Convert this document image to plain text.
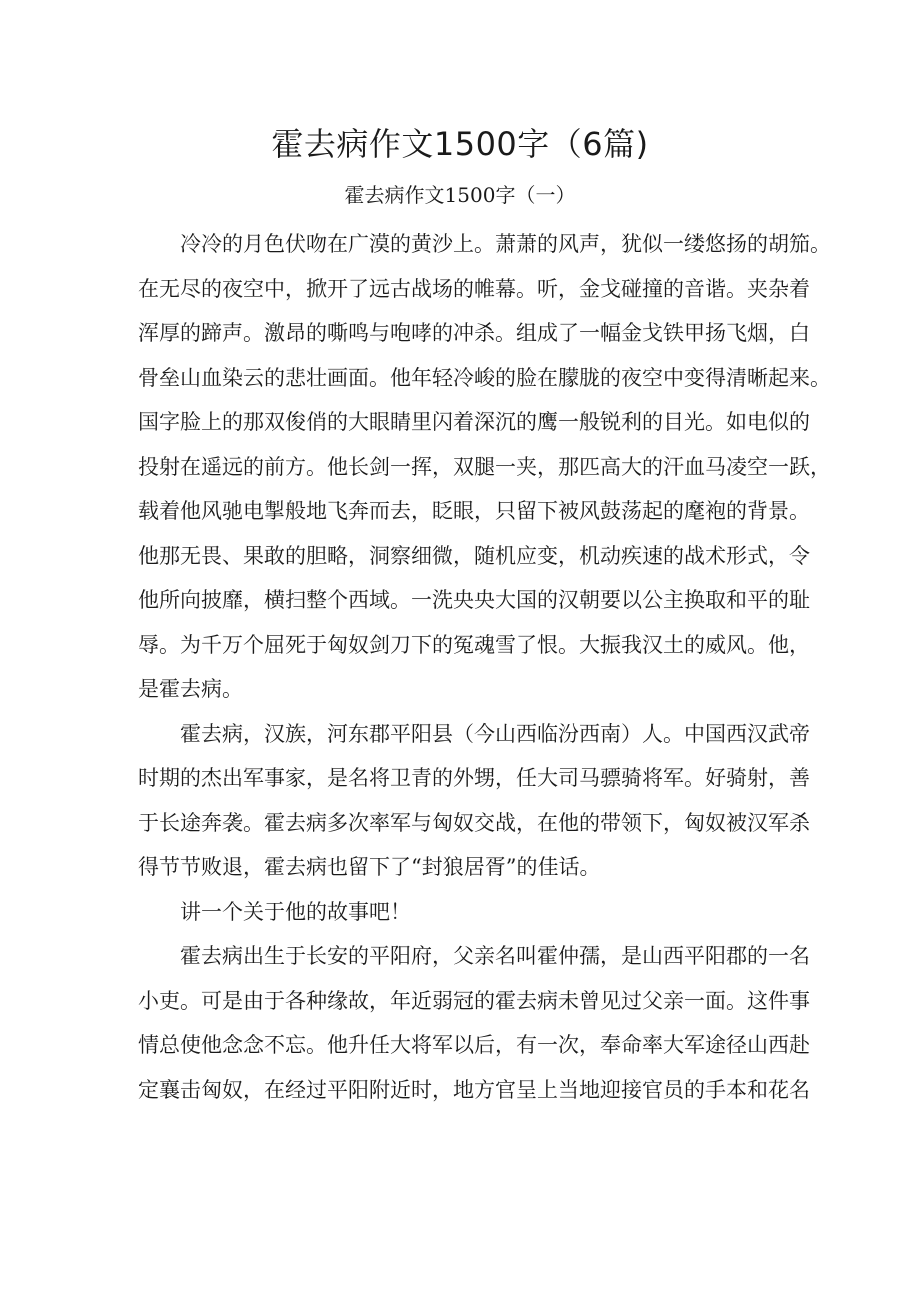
霍去病作文1500字（6篇)
霍去病作文1500字（一）

冷冷的月色伏吻在广漠的黄沙上。萧萧的风声，犹似一缕悠扬的胡笳。
在无尽的夜空中，掀开了远古战场的帷幕。听，金戈碰撞的音谐。夹杂着
浑厚的蹄声。激昂的嘶鸣与咆哮的冲杀。组成了一幅金戈铁甲扬飞烟，白
骨垒山血染云的悲壮画面。他年轻冷峻的脸在朦胧的夜空中变得清晰起来。
国字脸上的那双俊俏的大眼睛里闪着深沉的鹰一般锐利的目光。如电似的
投射在遥远的前方。他长剑一挥，双腿一夹，那匹高大的汗血马凌空一跃，
载着他风驰电掣般地飞奔而去，眨眼，只留下被风鼓荡起的麾袍的背景。
他那无畏、果敢的胆略，洞察细微，随机应变，机动疾速的战术形式，令
他所向披靡，横扫整个西域。一洗央央大国的汉朝要以公主换取和平的耻
辱。为千万个屈死于匈奴剑刀下的冤魂雪了恨。大振我汉土的威风。他，
是霍去病。

霍去病，汉族，河东郡平阳县（今山西临汾西南）人。中国西汉武帝
时期的杰出军事家，是名将卫青的外甥，任大司马骠骑将军。好骑射，善
于长途奔袭。霍去病多次率军与匈奴交战，在他的带领下，匈奴被汉军杀
得节节败退，霍去病也留下了“封狼居胥”的佳话。

讲一个关于他的故事吧！

霍去病出生于长安的平阳府，父亲名叫霍仲孺，是山西平阳郡的一名
小吏。可是由于各种缘故，年近弱冠的霍去病未曾见过父亲一面。这件事
情总使他念念不忘。他升任大将军以后，有一次，奉命率大军途径山西赴
定襄击匈奴，在经过平阳附近时，地方官呈上当地迎接官员的手本和花名
